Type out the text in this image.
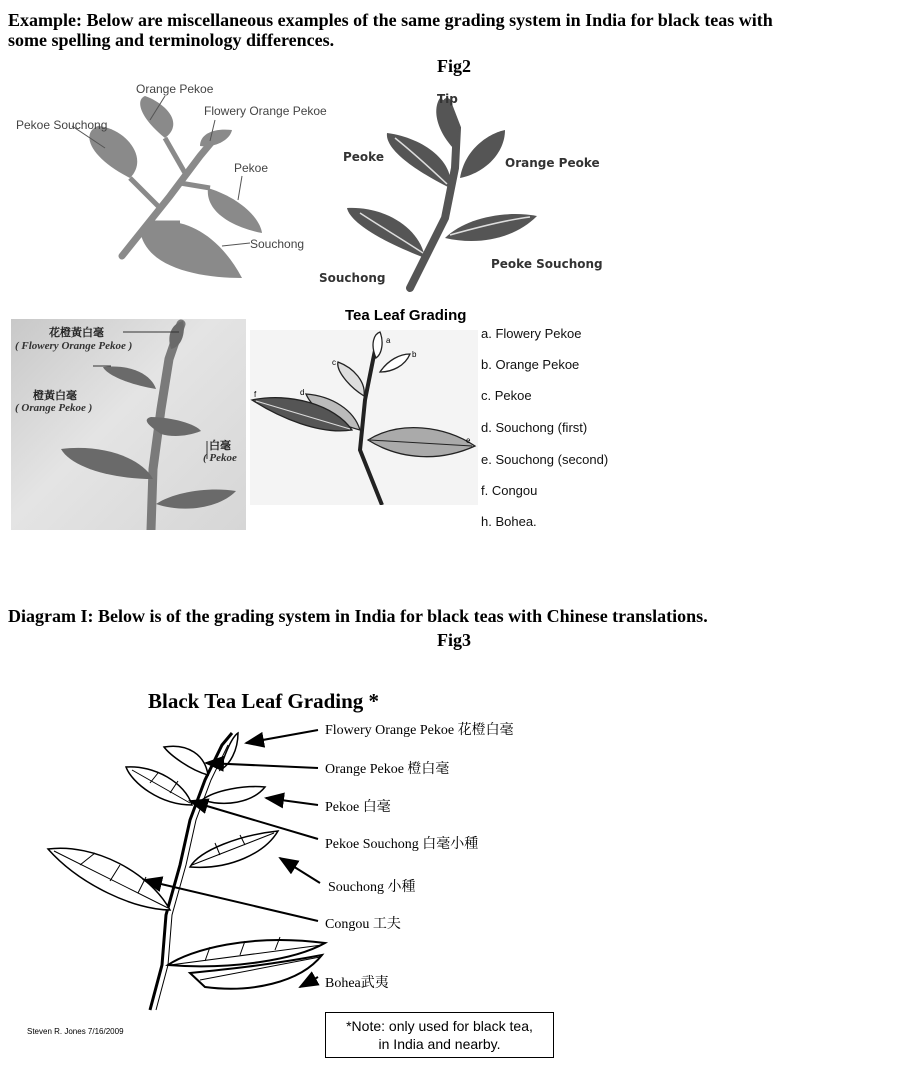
Example: Below are miscellaneous examples of the same grading system in India for black teas with
some spelling and terminology differences.
Fig2
Orange Pekoe
Pekoe Souchong
Flowery Orange Pekoe
Pekoe
Souchong
Tip
Peoke	Orange Peoke
Peoke Souchong
Souchong
花橙黃白毫
( Flowery Orange Pekoe )
橙黃白毫
( Orange Pekoe )
白毫
( Pekoe
Tea Leaf Grading
a
b
c
d
e
f
a. Flowery Pekoe
b. Orange Pekoe
c. Pekoe
d. Souchong (first)
e. Souchong (second)
f. Congou
h. Bohea.
Diagram I: Below is of the grading system in India for black teas with Chinese translations.
Fig3
Black Tea Leaf Grading *
Flowery Orange Pekoe 花橙白毫
Orange Pekoe 橙白毫
Pekoe 白毫
Pekoe Souchong 白毫小種
Souchong 小種
Congou 工夫
Bohea武夷
Steven R. Jones 7/16/2009	*Note: only used for black tea,
in India and nearby.
